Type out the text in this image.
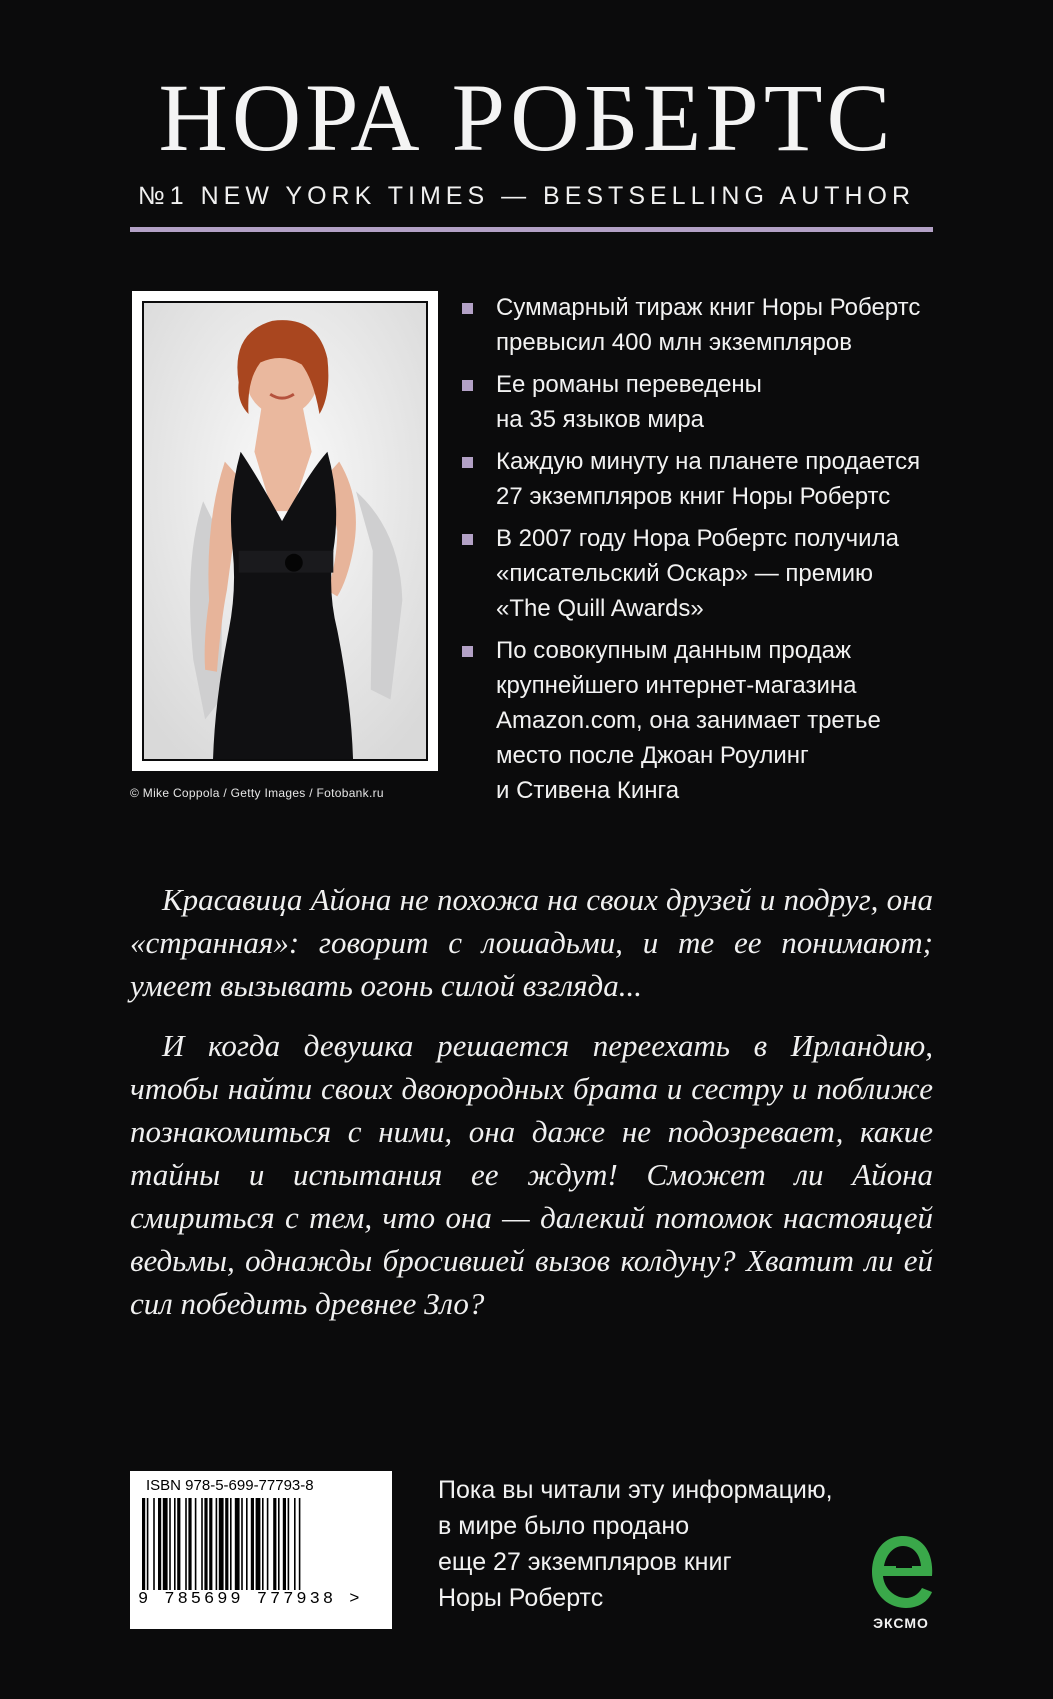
НОРА РОБЕРТС
№1 NEW YORK TIMES — BESTSELLING AUTHOR
© Mike Coppola / Getty Images / Fotobank.ru
Суммарный тираж книг Норы Робертс
превысил 400 млн экземпляров
Ее романы переведены
на 35 языков мира
Каждую минуту на планете продается
27 экземпляров книг Норы Робертс
В 2007 году Нора Робертс получила
«писательский Оскар» — премию
«The Quill Awards»
По совокупным данным продаж
крупнейшего интернет-магазина
Amazon.com, она занимает третье
место после Джоан Роулинг
и Стивена Кинга

Красавица Айона не похожа на своих друзей и подруг, она «странная»: говорит с лошадьми, и те ее понимают; умеет вызывать огонь силой взгляда...

И когда девушка решается переехать в Ирландию, чтобы найти своих двоюродных брата и сестру и поближе познакомиться с ними, она даже не подозревает, какие тайны и испытания ее ждут! Сможет ли Айона смириться с тем, что она — далекий потомок настоящей ведьмы, однажды бросившей вызов колдуну? Хватит ли ей сил победить древнее Зло?

ISBN 978-5-699-77793-8
9 785699 777938 >
Пока вы читали эту информацию,
в мире было продано
еще 27 экземпляров книг
Норы Робертс
ЭКСМО
